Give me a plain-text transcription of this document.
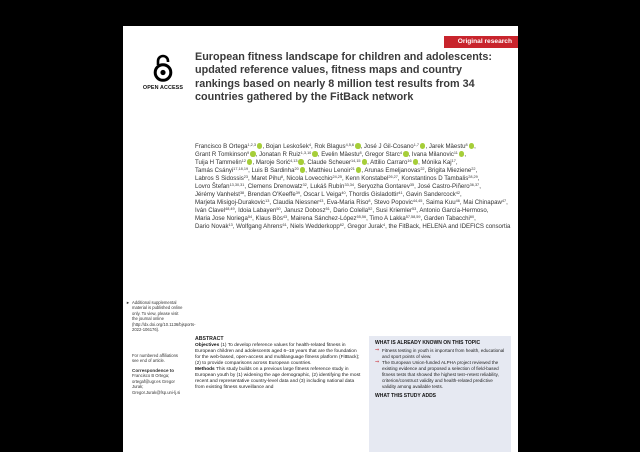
Original research
OPEN ACCESS
European fitness landscape for children and adolescents: updated reference values, fitness maps and country rankings based on nearly 8 million test results from 34 countries gathered by the FitBack network
Francisco B Ortega$^{1,2,3}$ , Bojan Leskošek$^4$, Rok Blagus$^{4,5,6}$ , José J Gil-Cosano$^{1,7}$ , Jarek Mäestu$^8$ , Grant R Tomkinson$^9$ , Jonatan R Ruiz$^{1,3,10}$ , Evelin Mäestu$^8$, Gregor Starc$^4$ , Ivana Milanovic$^{11}$ , Tuija H Tammelin$^{12}$ , Maroje Sorić$^{4,13}$ , Claude Scheuer$^{14,15}$ , Attilio Carraro$^{16}$ , Mónika Kaj$^{17}$, Tamás Csányi$^{17,18,19}$, Luis B Sardinha$^{20}$ , Matthieu Lenoir$^{21}$ , Arunas Emeljanovas$^{22}$, Brigita Mieziene$^{22}$, Labros S Sidossis$^{23}$, Maret Pihu$^8$, Nicola Lovecchio$^{24,25}$, Kenn Konstabel$^{26,27}$, Konstantinos D Tambalis$^{28,29}$, Lovro Štefan$^{13,30,31}$, Clemens Drenowatz$^{32}$, Lukáš Rubín$^{33,34}$, Seryozha Gontarev$^{35}$, José Castro-Piñero$^{36,37}$, Jérémy Vanhelst$^{38}$, Brendan O'Keeffe$^{39}$, Oscar L Veiga$^{40}$, Thordis Gisladottir$^{41}$, Gavin Sandercock$^{42}$, Marjeta Misigoj-Durakovic$^{13}$, Claudia Niessner$^{43}$, Eva-Maria Riso$^8$, Stevo Popovic$^{44,45}$, Saima Kuu$^{46}$, Mai Chinapaw$^{47}$, Iván Clavel$^{48,49}$, Idoia Labayen$^{50}$, Janusz Dobosz$^{51}$, Dario Colella$^{52}$, Susi Kriemler$^{53}$, Antonio García-Hermoso, Maria Jose Noriega$^{54}$, Klaus Bös$^{43}$, Mairena Sánchez-López$^{55,56}$, Timo A Lakka$^{57,58,59}$, Garden Tabacchi$^{60}$, Dario Novak$^{13}$, Wolfgang Ahrens$^{61}$, Niels Wedderkopp$^{62}$, Gregor Jurak$^4$, the FitBack, HELENA and IDEFICS consortia
► Additional supplemental material is published online only. To view, please visit the journal online (http://dx.doi.org/10.1136/bjsports-2022-106176).
For numbered affiliations see end of article.
Correspondence to
Francisco B Ortega; ortegaf@ugr.es Gregor Jurak; Gregor.Jurak@fsp.uni-lj.si
ABSTRACT
Objectives (1) To develop reference values for health-related fitness in European children and adolescents aged 6–18 years that are the foundation for the web-based, open-access and multilanguage fitness platform (FitBack); (2) to provide comparisons across European countries.
Methods This study builds on a previous large fitness reference study in European youth by (1) widening the age demographic, (2) identifying the most recent and representative country-level data and (3) including national data from existing fitness surveillance and
WHAT IS ALREADY KNOWN ON THIS TOPIC
⇒ Fitness testing in youth is important from health, educational and sport points of view.
⇒ The European Union-funded ALPHA project reviewed the existing evidence and proposed a selection of field-based fitness tests that showed the highest test–retest reliability, criterion/construct validity and health-related predictive validity among available tests.
WHAT THIS STUDY ADDS
